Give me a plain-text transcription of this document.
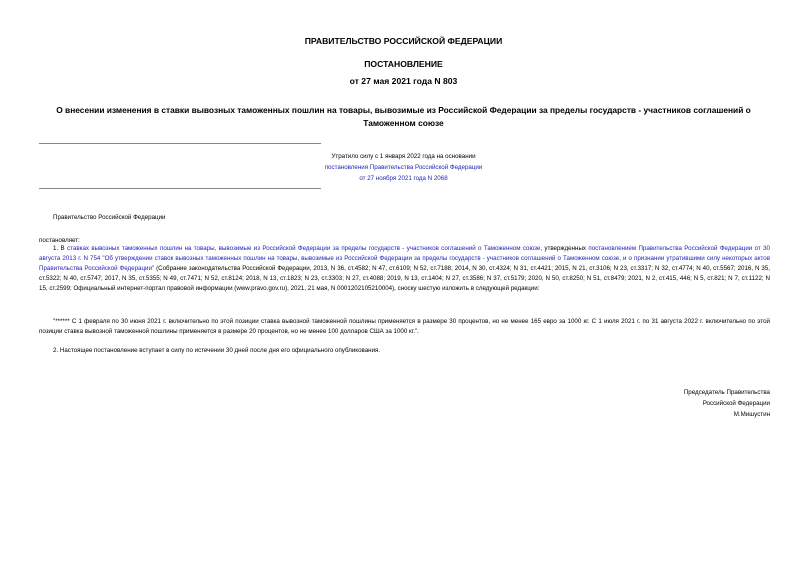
ПРАВИТЕЛЬСТВО РОССИЙСКОЙ ФЕДЕРАЦИИ
ПОСТАНОВЛЕНИЕ
от 27 мая 2021 года N 803
О внесении изменения в ставки вывозных таможенных пошлин на товары, вывозимые из Российской Федерации за пределы государств - участников соглашений о Таможенном союзе
Утратило силу с 1 января 2022 года на основании
постановления Правительства Российской Федерации
от 27 ноября 2021 года N 2068
Правительство Российской Федерации
постановляет:
1. В ставках вывозных таможенных пошлин на товары, вывозимые из Российской Федерации за пределы государств - участников соглашений о Таможенном союзе, утвержденных постановлением Правительства Российской Федерации от 30 августа 2013 г. N 754 "Об утверждении ставок вывозных таможенных пошлин на товары, вывозимые из Российской Федерации за пределы государств - участников соглашений о Таможенном союзе, и о признании утратившими силу некоторых актов Правительства Российской Федерации" (Собрание законодательства Российской Федерации, 2013, N 36, ст.4582; N 47, ст.6109; N 52, ст.7188; 2014, N 30, ст.4324; N 31, ст.4421; 2015, N 21, ст.3106; N 23, ст.3317; N 32, ст.4774; N 40, ст.5567; 2016, N 35, ст.5322; N 40, ст.5747; 2017, N 35, ст.5355; N 49, ст.7471; N 52, ст.8124; 2018, N 13, ст.1823; N 23, ст.3303; N 27, ст.4088; 2019, N 13, ст.1404; N 27, ст.3586; N 37, ст.5179; 2020, N 50, ст.8250; N 51, ст.8479; 2021, N 2, ст.415, 446; N 5, ст.821; N 7, ст.1122; N 15, ст.2599; Официальный интернет-портал правовой информации (www.pravo.gov.ru), 2021, 21 мая, N 0001202105210004), сноску шестую изложить в следующей редакции:
"****** С 1 февраля по 30 июня 2021 г. включительно по этой позиции ставка вывозной таможенной пошлины применяется в размере 30 процентов, но не менее 165 евро за 1000 кг. С 1 июля 2021 г. по 31 августа 2022 г. включительно по этой позиции ставка вывозной таможенной пошлины применяется в размере 20 процентов, но не менее 100 долларов США за 1000 кг.".
2. Настоящее постановление вступает в силу по истечении 30 дней после дня его официального опубликования.
Председатель Правительства
Российской Федерации
М.Мишустин
